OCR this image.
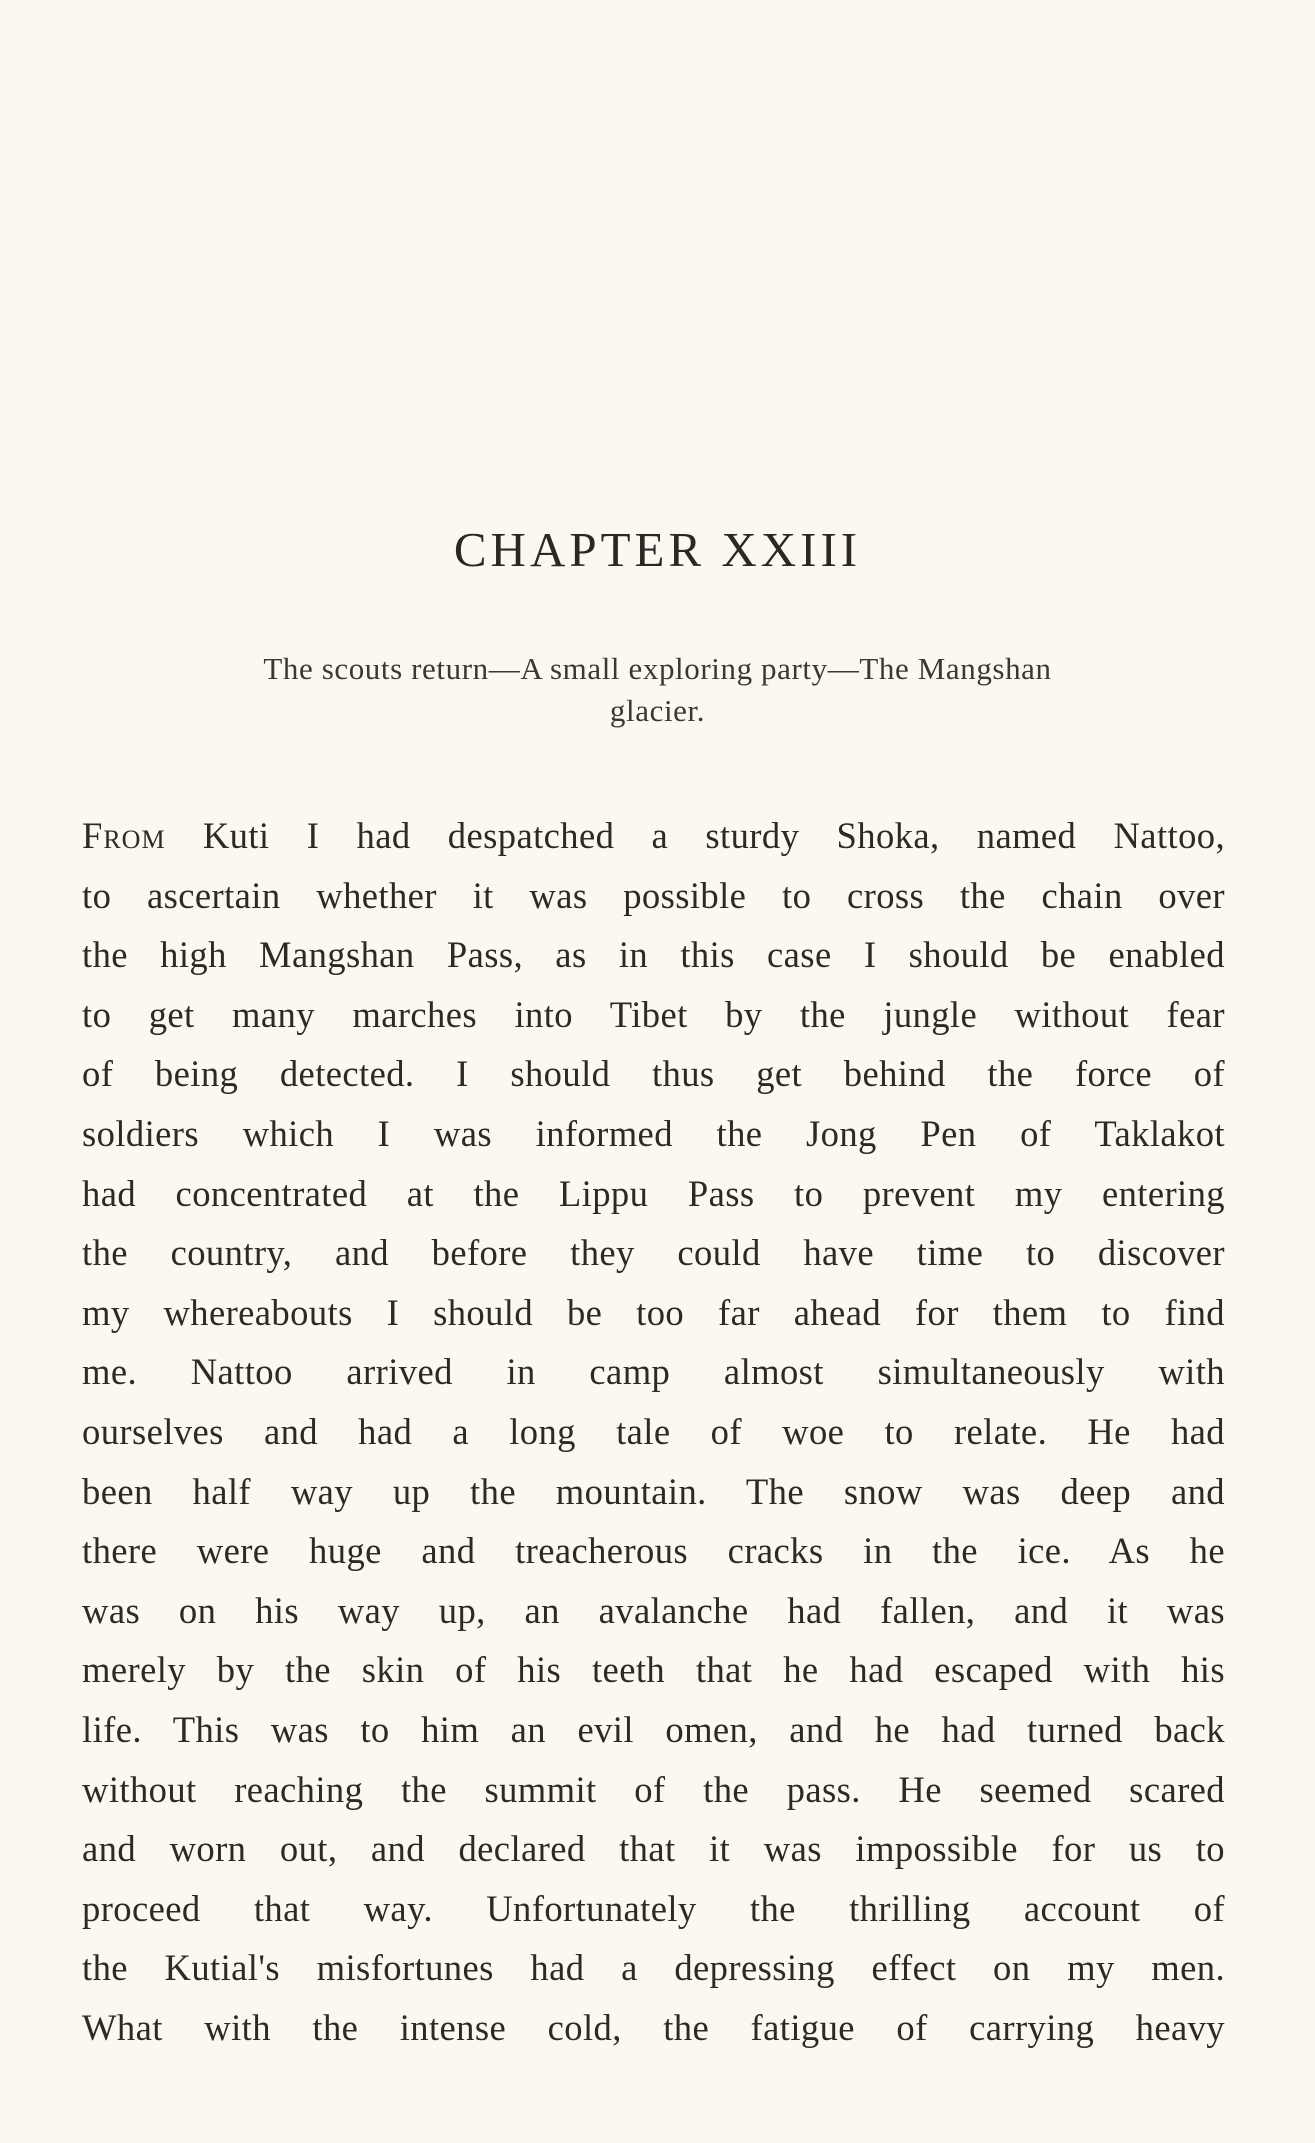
CHAPTER XXIII

The scouts return—A small exploring party—The Mangshan
glacier.

From Kuti I had despatched a sturdy Shoka, named Nattoo,
to ascertain whether it was possible to cross the chain over
the high Mangshan Pass, as in this case I should be enabled
to get many marches into Tibet by the jungle without fear
of being detected. I should thus get behind the force of
soldiers which I was informed the Jong Pen of Taklakot
had concentrated at the Lippu Pass to prevent my entering
the country, and before they could have time to discover
my whereabouts I should be too far ahead for them to find
me. Nattoo arrived in camp almost simultaneously with
ourselves and had a long tale of woe to relate. He had
been half way up the mountain. The snow was deep and
there were huge and treacherous cracks in the ice. As he
was on his way up, an avalanche had fallen, and it was
merely by the skin of his teeth that he had escaped with his
life. This was to him an evil omen, and he had turned back
without reaching the summit of the pass. He seemed scared
and worn out, and declared that it was impossible for us to
proceed that way. Unfortunately the thrilling account of
the Kutial's misfortunes had a depressing effect on my men.
What with the intense cold, the fatigue of carrying heavy
